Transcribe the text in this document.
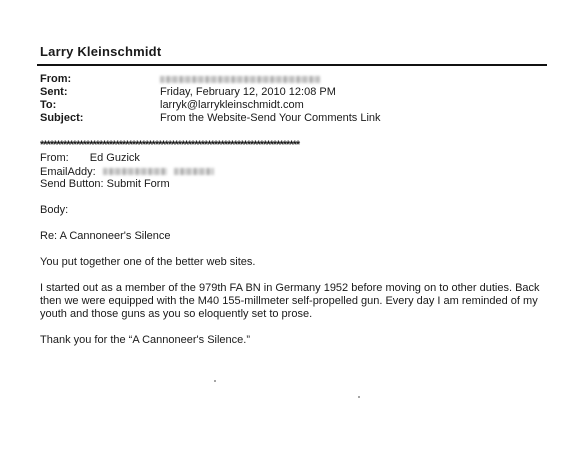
Larry Kleinschmidt
From:
Sent:	Friday, February 12, 2010 12:08 PM
To:	larryk@larrykleinschmidt.com
Subject:	From the Website-Send Your Comments Link
*******************************************************************************
From: Ed Guzick
EmailAddy:
Send Button: Submit Form
Body:
Re: A Cannoneer's Silence
You put together one of the better web sites.
I started out as a member of the 979th FA BN in Germany 1952 before moving on to other duties. Back then we were equipped with the M40 155-millmeter self-propelled gun. Every day I am reminded of my youth and those guns as you so eloquently set to prose.
Thank you for the “A Cannoneer's Silence.”
